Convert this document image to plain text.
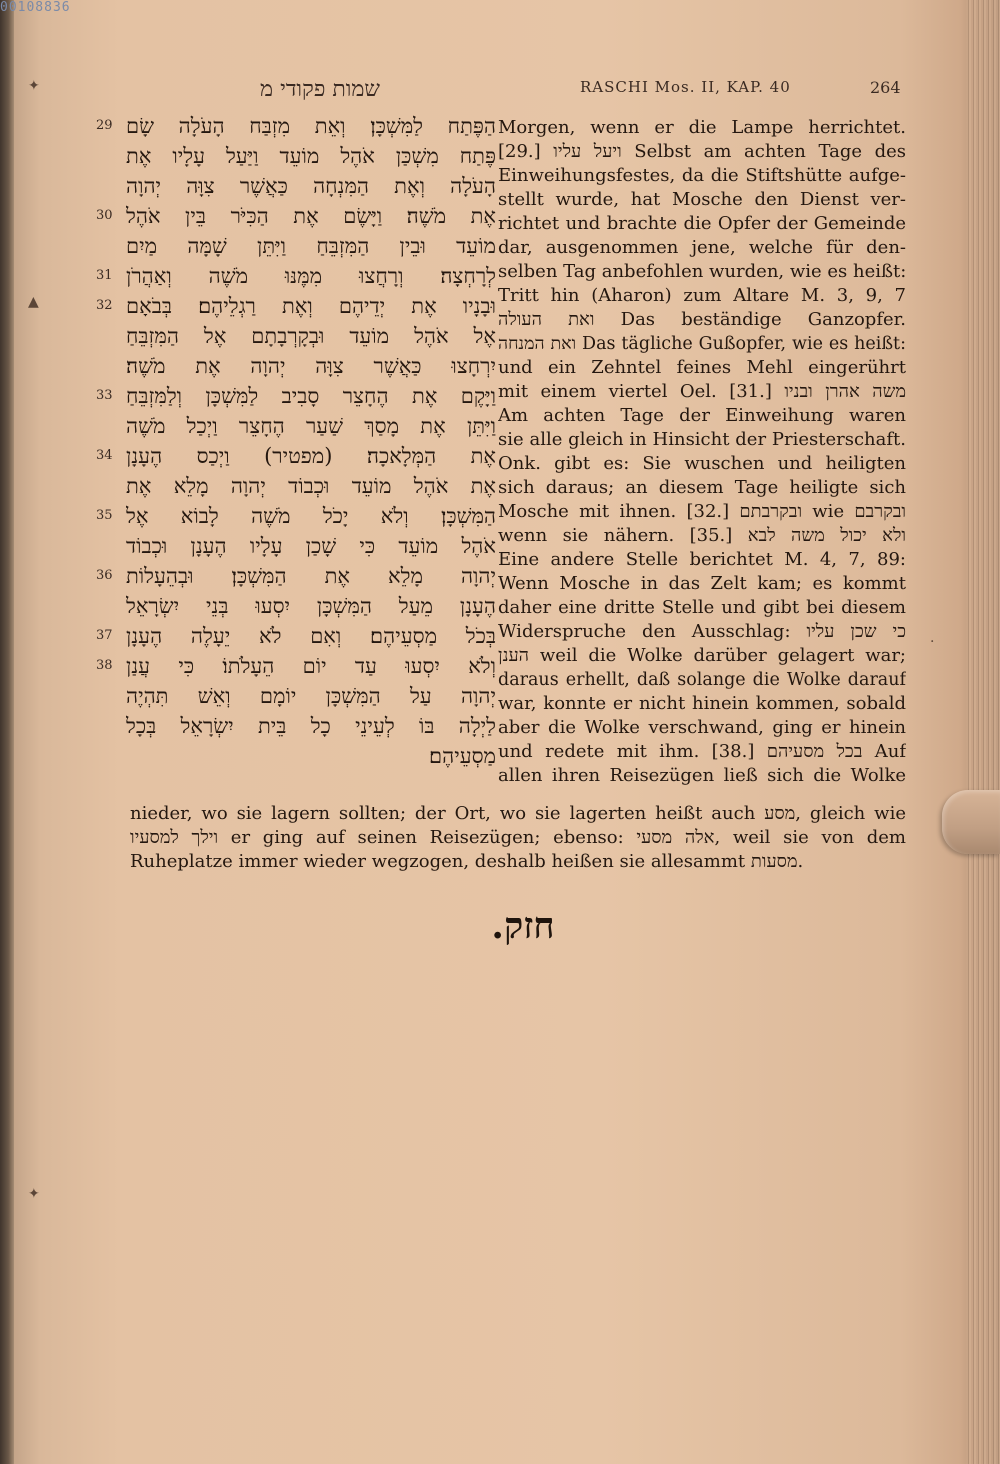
00108836
✦
▲
✦
·
שמות פקודי מ	RASCHI Mos. II, KAP. 40	264
29 הַפֶּתַח לַמִּשְׁכָּן׃ וְאֵת מִזְבַּח הָעֹלָה שָׂם
פֶּתַח מִשְׁכַּן אֹהֶל מוֹעֵד וַיַּעַל עָלָיו אֶת
הָעֹלָה וְאֶת הַמִּנְחָה כַּאֲשֶׁר צִוָּה יְהוָה
30 אֶת מֹשֶׁה׃ וַיָּשֶׂם אֶת הַכִּיֹּר בֵּין אֹהֶל
מוֹעֵד וּבֵין הַמִּזְבֵּחַ וַיִּתֵּן שָׁמָּה מַיִם
31 לְרָחְצָה׃ וְרָחֲצוּ מִמֶּנּוּ מֹשֶׁה וְאַהֲרֹן
32 וּבָנָיו אֶת יְדֵיהֶם וְאֶת רַגְלֵיהֶם׃ בְּבֹאָם
אֶל אֹהֶל מוֹעֵד וּבְקָרְבָתָם אֶל הַמִּזְבֵּחַ
יִרְחָצוּ כַּאֲשֶׁר צִוָּה יְהוָה אֶת מֹשֶׁה׃
33 וַיָּקֶם אֶת הֶחָצֵר סָבִיב לַמִּשְׁכָּן וְלַמִּזְבֵּחַ
וַיִּתֵּן אֶת מָסַךְ שַׁעַר הֶחָצֵר וַיְכַל מֹשֶׁה
34 אֶת הַמְּלָאכָה׃ (מפטיר) וַיְכַס הֶעָנָן
אֶת אֹהֶל מוֹעֵד וּכְבוֹד יְהוָה מָלֵא אֶת
35 הַמִּשְׁכָּן׃ וְלֹא יָכֹל מֹשֶׁה לָבוֹא אֶל
אֹהֶל מוֹעֵד כִּי שָׁכַן עָלָיו הֶעָנָן וּכְבוֹד
36 יְהוָה מָלֵא אֶת הַמִּשְׁכָּן׃ וּבְהֵעָלוֹת
הֶעָנָן מֵעַל הַמִּשְׁכָּן יִסְעוּ בְּנֵי יִשְׂרָאֵל
37 בְּכֹל מַסְעֵיהֶם׃ וְאִם לֹא יֵעָלֶה הֶעָנָן
38 וְלֹא יִסְעוּ עַד יוֹם הֵעָלֹתוֹ׃ כִּי עֲנַן
יְהוָה עַל הַמִּשְׁכָּן יוֹמָם וְאֵשׁ תִּהְיֶה
לַיְלָה בּוֹ לְעֵינֵי כָל בֵּית יִשְׂרָאֵל בְּכָל
מַסְעֵיהֶם׃
Morgen, wenn er die Lampe herrichtet.
[29.] ויעל עליו Selbst am achten Tage des
Einweihungsfestes, da die Stiftshütte aufge-
stellt wurde, hat Mosche den Dienst ver-
richtet und brachte die Opfer der Gemeinde
dar, ausgenommen jene, welche für den-
selben Tag anbefohlen wurden, wie es heißt:
Tritt hin (Aharon) zum Altare M. 3, 9, 7
ואת העולה Das beständige Ganzopfer.
ואת המנחה Das tägliche Gußopfer, wie es heißt:
und ein Zehntel feines Mehl eingerührt
mit einem viertel Oel. [31.] משה אהרן ובניו
Am achten Tage der Einweihung waren
sie alle gleich in Hinsicht der Priesterschaft.
Onk. gibt es: Sie wuschen und heiligten
sich daraus; an diesem Tage heiligte sich
Mosche mit ihnen. [32.] ובקרבתם wie ובקרבם
wenn sie nähern. [35.] ולא יכול משה לבא
Eine andere Stelle berichtet M. 4, 7, 89:
Wenn Mosche in das Zelt kam; es kommt
daher eine dritte Stelle und gibt bei diesem
Widerspruche den Ausschlag: כי שכן עליו
הענן weil die Wolke darüber gelagert war;
daraus erhellt, daß solange die Wolke darauf
war, konnte er nicht hinein kommen, sobald
aber die Wolke verschwand, ging er hinein
und redete mit ihm. [38.] בכל מסעיהם Auf
allen ihren Reisezügen ließ sich die Wolke
nieder, wo sie lagern sollten; der Ort, wo sie lagerten heißt auch מסע, gleich wie
וילך למסעיו er ging auf seinen Reisezügen; ebenso: אלה מסעי, weil sie von dem
Ruheplatze immer wieder wegzogen, deshalb heißen sie allesammt מסעות.
חזק.
